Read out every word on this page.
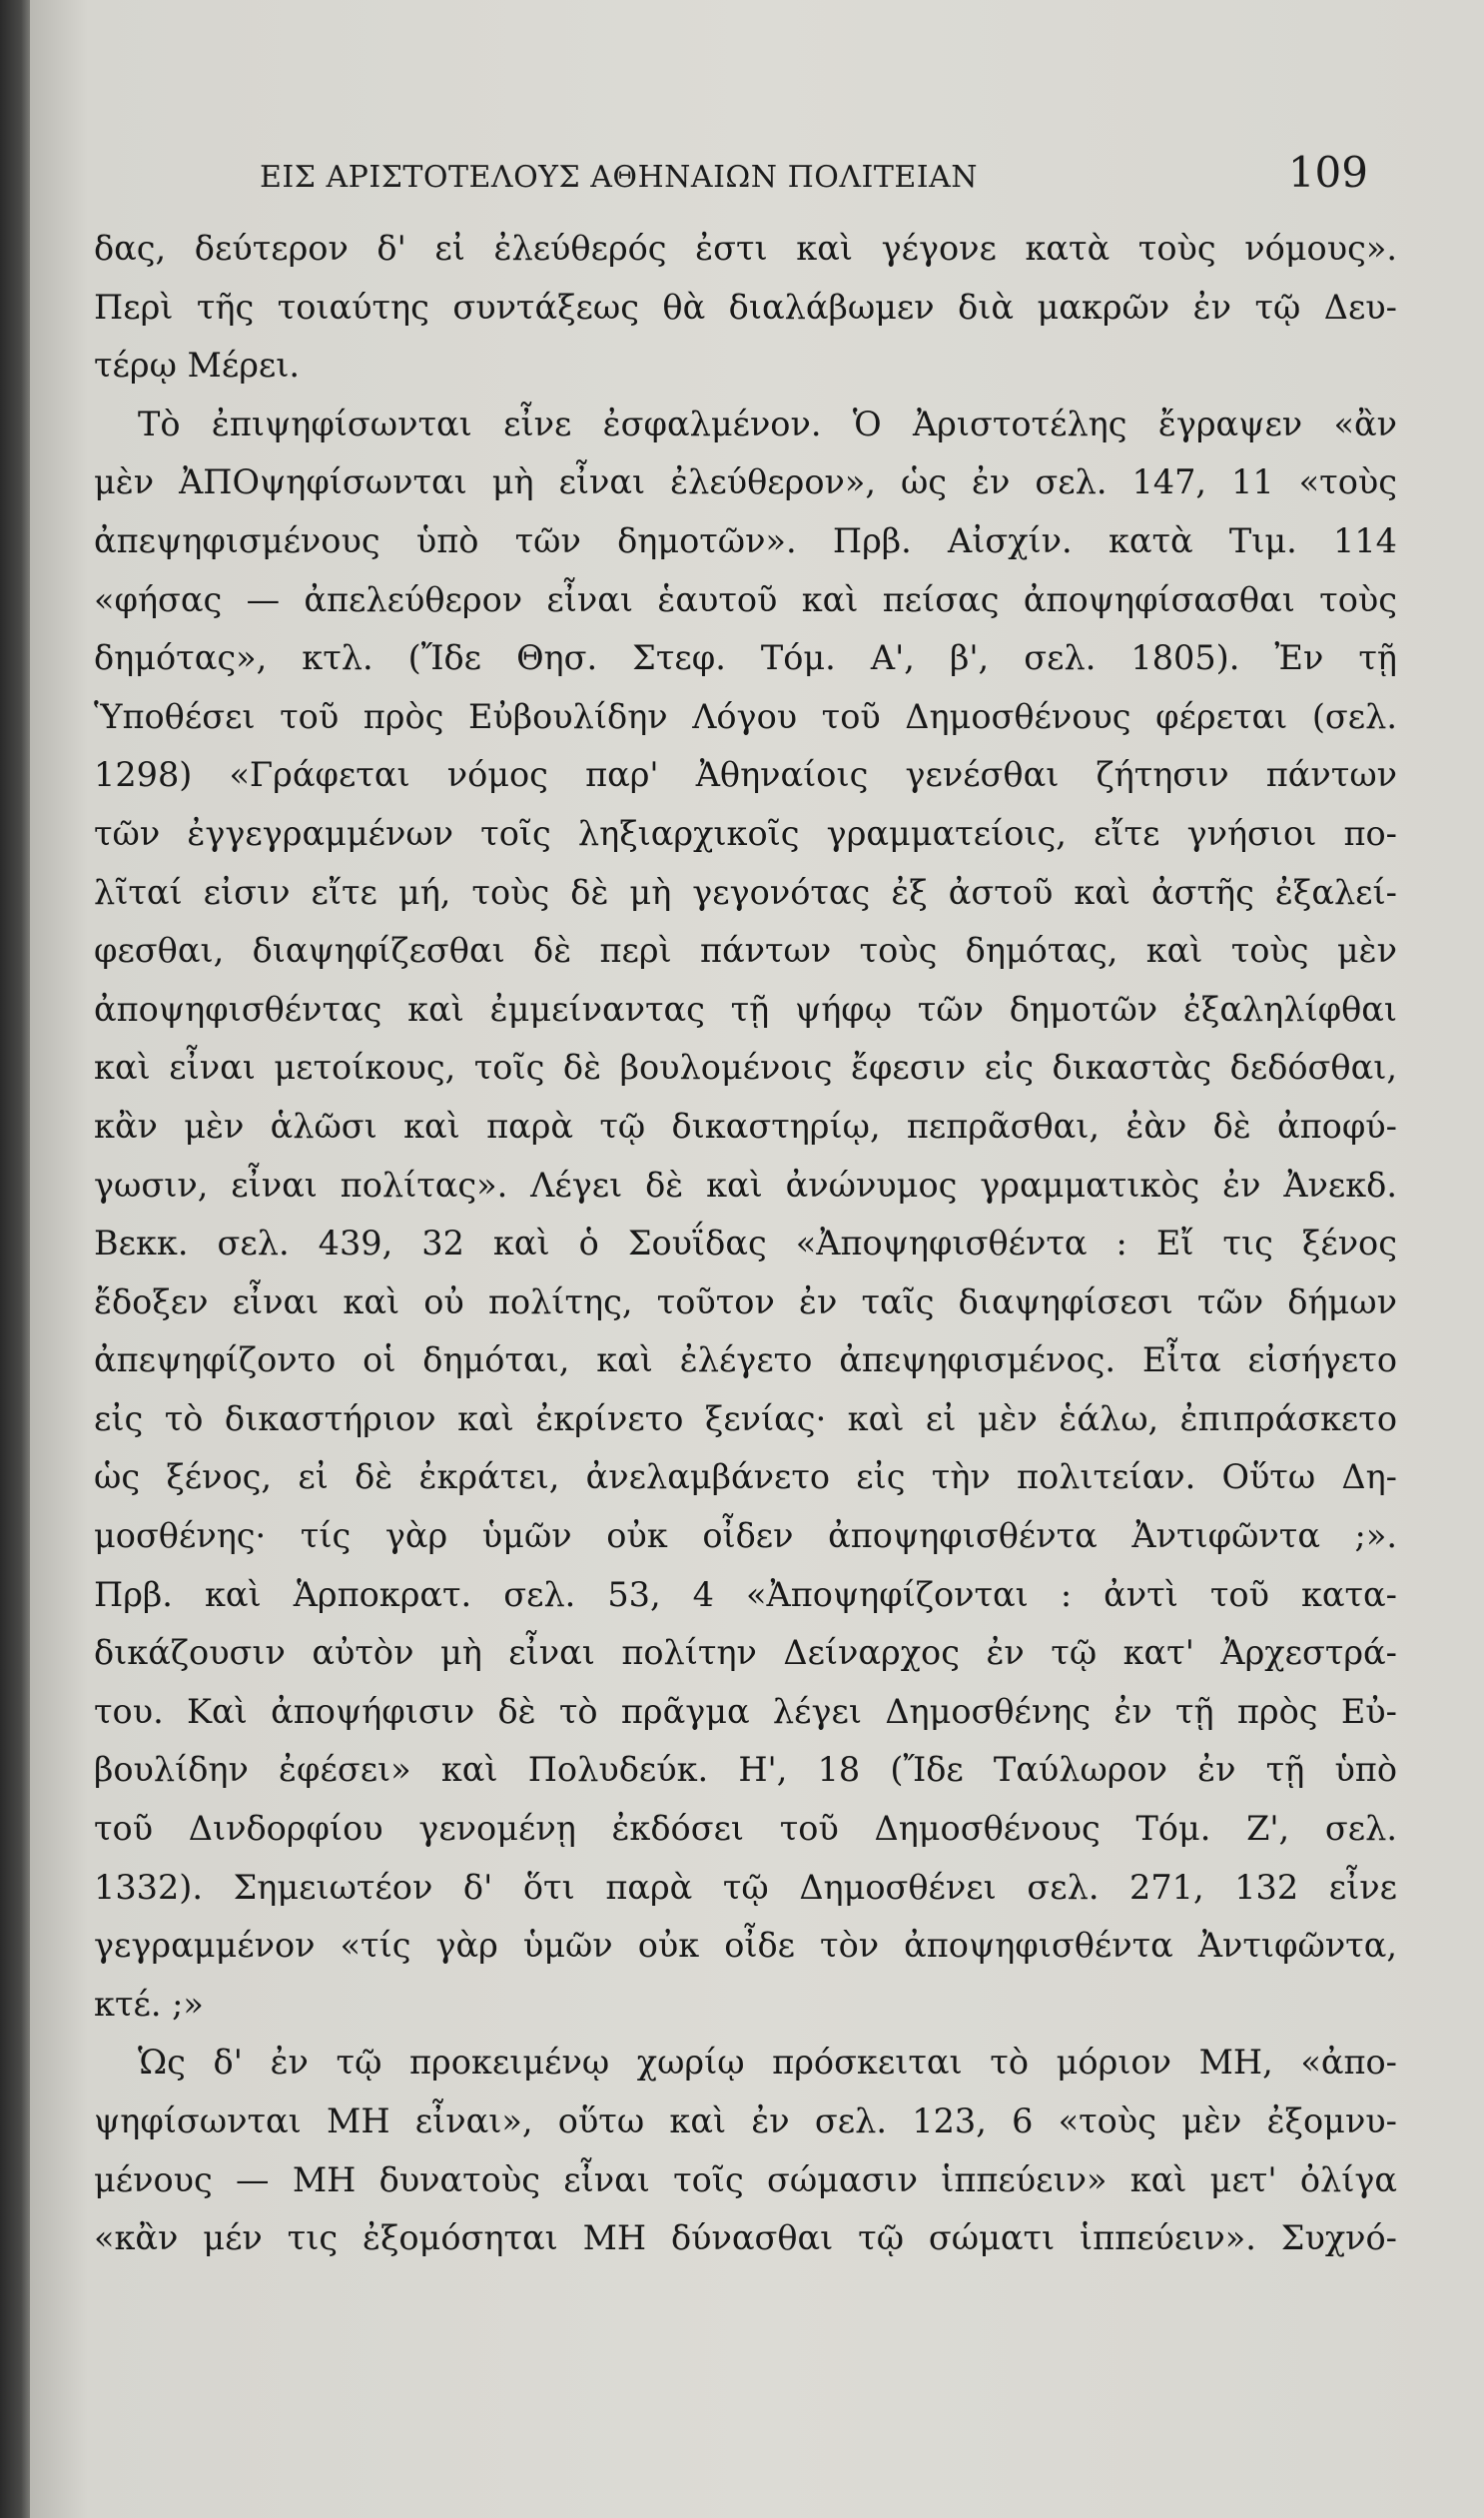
ΕΙΣ ΑΡΙΣΤΟΤΕΛΟΥΣ ΑΘΗΝΑΙΩΝ ΠΟΛΙΤΕΙΑΝ	109
δας, δεύτερον δ' εἰ ἐλεύθερός ἐστι καὶ γέγονε κατὰ τοὺς νόμους».
Περὶ τῆς τοιαύτης συντάξεως θὰ διαλάβωμεν διὰ μακρῶν ἐν τῷ Δευ-
τέρῳ Μέρει.
Τὸ ἐπιψηφίσωνται εἶνε ἐσφαλμένον. Ὁ Ἀριστοτέλης ἔγραψεν «ἂν
μὲν ἈΠΟψηφίσωνται μὴ εἶναι ἐλεύθερον», ὡς ἐν σελ. 147, 11 «τοὺς
ἀπεψηφισμένους ὑπὸ τῶν δημοτῶν». Πρβ. Αἰσχίν. κατὰ Τιμ. 114
«φήσας — ἀπελεύθερον εἶναι ἑαυτοῦ καὶ πείσας ἀποψηφίσασθαι τοὺς
δημότας», κτλ. (Ἴδε Θησ. Στεφ. Τόμ. Α', β', σελ. 1805). Ἐν τῇ
Ὑποθέσει τοῦ πρὸς Εὐβουλίδην Λόγου τοῦ Δημοσθένους φέρεται (σελ.
1298) «Γράφεται νόμος παρ' Ἀθηναίοις γενέσθαι ζήτησιν πάντων
τῶν ἐγγεγραμμένων τοῖς ληξιαρχικοῖς γραμματείοις, εἴτε γνήσιοι πο-
λῖταί εἰσιν εἴτε μή, τοὺς δὲ μὴ γεγονότας ἐξ ἀστοῦ καὶ ἀστῆς ἐξαλεί-
φεσθαι, διαψηφίζεσθαι δὲ περὶ πάντων τοὺς δημότας, καὶ τοὺς μὲν
ἀποψηφισθέντας καὶ ἐμμείναντας τῇ ψήφῳ τῶν δημοτῶν ἐξαληλίφθαι
καὶ εἶναι μετοίκους, τοῖς δὲ βουλομένοις ἔφεσιν εἰς δικαστὰς δεδόσθαι,
κἂν μὲν ἁλῶσι καὶ παρὰ τῷ δικαστηρίῳ, πεπρᾶσθαι, ἐὰν δὲ ἀποφύ-
γωσιν, εἶναι πολίτας». Λέγει δὲ καὶ ἀνώνυμος γραμματικὸς ἐν Ἀνεκδ.
Βεκκ. σελ. 439, 32 καὶ ὁ Σουΐδας «Ἀποψηφισθέντα : Εἴ τις ξένος
ἔδοξεν εἶναι καὶ οὐ πολίτης, τοῦτον ἐν ταῖς διαψηφίσεσι τῶν δήμων
ἀπεψηφίζοντο οἱ δημόται, καὶ ἐλέγετο ἀπεψηφισμένος. Εἶτα εἰσήγετο
εἰς τὸ δικαστήριον καὶ ἐκρίνετο ξενίας· καὶ εἰ μὲν ἑάλω, ἐπιπράσκετο
ὡς ξένος, εἰ δὲ ἐκράτει, ἀνελαμβάνετο εἰς τὴν πολιτείαν. Οὕτω Δη-
μοσθένης· τίς γὰρ ὑμῶν οὐκ οἶδεν ἀποψηφισθέντα Ἀντιφῶντα ;».
Πρβ. καὶ Ἁρποκρατ. σελ. 53, 4 «Ἀποψηφίζονται : ἀντὶ τοῦ κατα-
δικάζουσιν αὐτὸν μὴ εἶναι πολίτην Δείναρχος ἐν τῷ κατ' Ἀρχεστρά-
του. Καὶ ἀποψήφισιν δὲ τὸ πρᾶγμα λέγει Δημοσθένης ἐν τῇ πρὸς Εὐ-
βουλίδην ἐφέσει» καὶ Πολυδεύκ. Η', 18 (Ἴδε Ταύλωρον ἐν τῇ ὑπὸ
τοῦ Δινδορφίου γενομένῃ ἐκδόσει τοῦ Δημοσθένους Τόμ. Ζ', σελ.
1332). Σημειωτέον δ' ὅτι παρὰ τῷ Δημοσθένει σελ. 271, 132 εἶνε
γεγραμμένον «τίς γὰρ ὑμῶν οὐκ οἶδε τὸν ἀποψηφισθέντα Ἀντιφῶντα,
κτέ. ;»
Ὡς δ' ἐν τῷ προκειμένῳ χωρίῳ πρόσκειται τὸ μόριον ΜΗ, «ἀπο-
ψηφίσωνται ΜΗ εἶναι», οὕτω καὶ ἐν σελ. 123, 6 «τοὺς μὲν ἐξομνυ-
μένους — ΜΗ δυνατοὺς εἶναι τοῖς σώμασιν ἱππεύειν» καὶ μετ' ὀλίγα
«κἂν μέν τις ἐξομόσηται ΜΗ δύνασθαι τῷ σώματι ἱππεύειν». Συχνό-
